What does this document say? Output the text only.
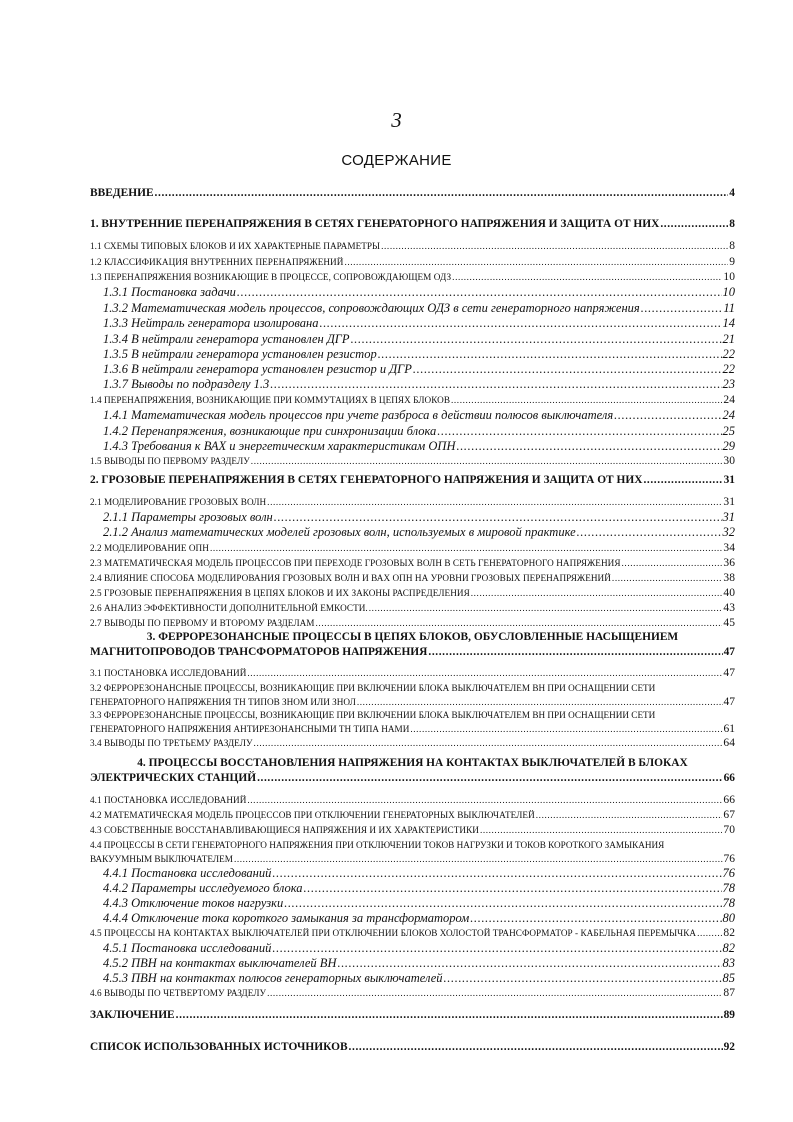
3
СОДЕРЖАНИЕ
ВВЕДЕНИЕ .....	4
1. ВНУТРЕННИЕ ПЕРЕНАПРЯЖЕНИЯ В СЕТЯХ ГЕНЕРАТОРНОГО НАПРЯЖЕНИЯ И ЗАЩИТА ОТ НИХ .....	8
1.1 СХЕМЫ ТИПОВЫХ БЛОКОВ И ИХ ХАРАКТЕРНЫЕ ПАРАМЕТРЫ .....	8
1.2 КЛАССИФИКАЦИЯ ВНУТРЕННИХ ПЕРЕНАПРЯЖЕНИЙ .....	9
1.3 ПЕРЕНАПРЯЖЕНИЯ ВОЗНИКАЮЩИЕ В ПРОЦЕССЕ, СОПРОВОЖДАЮЩЕМ ОДЗ .....	10
1.3.1 Постановка задачи .....	10
1.3.2 Математическая модель процессов, сопровождающих ОДЗ в сети генераторного напряжения .....	11
1.3.3 Нейтраль генератора изолирована .....	14
1.3.4 В нейтрали генератора установлен ДГР .....	21
1.3.5 В нейтрали генератора установлен резистор .....	22
1.3.6 В нейтрали генератора установлен резистор и ДГР .....	22
1.3.7 Выводы по подразделу 1.3 .....	23
1.4 ПЕРЕНАПРЯЖЕНИЯ, ВОЗНИКАЮЩИЕ ПРИ КОММУТАЦИЯХ В ЦЕПЯХ БЛОКОВ .....	24
1.4.1 Математическая модель процессов при учете разброса в действии полюсов выключателя .....	24
1.4.2 Перенапряжения, возникающие при синхронизации блока .....	25
1.4.3 Требования к ВАХ и энергетическим характеристикам ОПН .....	29
1.5 ВЫВОДЫ ПО ПЕРВОМУ РАЗДЕЛУ .....	30
2. ГРОЗОВЫЕ ПЕРЕНАПРЯЖЕНИЯ В СЕТЯХ ГЕНЕРАТОРНОГО НАПРЯЖЕНИЯ И ЗАЩИТА ОТ НИХ .....	31
2.1 МОДЕЛИРОВАНИЕ ГРОЗОВЫХ ВОЛН .....	31
2.1.1 Параметры грозовых волн .....	31
2.1.2 Анализ математических моделей грозовых волн, используемых в мировой практике .....	32
2.2 МОДЕЛИРОВАНИЕ ОПН .....	34
2.3 МАТЕМАТИЧЕСКАЯ МОДЕЛЬ ПРОЦЕССОВ ПРИ ПЕРЕХОДЕ ГРОЗОВЫХ ВОЛН В СЕТЬ ГЕНЕРАТОРНОГО НАПРЯЖЕНИЯ .....	36
2.4 ВЛИЯНИЕ СПОСОБА МОДЕЛИРОВАНИЯ ГРОЗОВЫХ ВОЛН И ВАХ ОПН НА УРОВНИ ГРОЗОВЫХ ПЕРЕНАПРЯЖЕНИЙ .....	38
2.5 ГРОЗОВЫЕ ПЕРЕНАПРЯЖЕНИЯ В ЦЕПЯХ БЛОКОВ И ИХ ЗАКОНЫ РАСПРЕДЕЛЕНИЯ .....	40
2.6 АНАЛИЗ ЭФФЕКТИВНОСТИ ДОПОЛНИТЕЛЬНОЙ ЕМКОСТИ. .....	43
2.7 ВЫВОДЫ ПО ПЕРВОМУ И ВТОРОМУ РАЗДЕЛАМ .....	45
3. ФЕРРОРЕЗОНАНСНЫЕ ПРОЦЕССЫ В ЦЕПЯХ БЛОКОВ, ОБУСЛОВЛЕННЫЕ НАСЫЩЕНИЕМ
МАГНИТОПРОВОДОВ ТРАНСФОРМАТОРОВ НАПРЯЖЕНИЯ .....	47
3.1 ПОСТАНОВКА ИССЛЕДОВАНИЙ .....	47
3.2 ФЕРРОРЕЗОНАНСНЫЕ ПРОЦЕССЫ, ВОЗНИКАЮЩИЕ ПРИ ВКЛЮЧЕНИИ БЛОКА ВЫКЛЮЧАТЕЛЕМ ВН ПРИ ОСНАЩЕНИИ СЕТИ
ГЕНЕРАТОРНОГО НАПРЯЖЕНИЯ ТН ТИПОВ ЗНОМ ИЛИ ЗНОЛ .....	47
3.3 ФЕРРОРЕЗОНАНСНЫЕ ПРОЦЕССЫ, ВОЗНИКАЮЩИЕ ПРИ ВКЛЮЧЕНИИ БЛОКА ВЫКЛЮЧАТЕЛЕМ ВН ПРИ ОСНАЩЕНИИ СЕТИ
ГЕНЕРАТОРНОГО НАПРЯЖЕНИЯ АНТИРЕЗОНАНСНЫМИ ТН ТИПА НАМИ .....	61
3.4 ВЫВОДЫ ПО ТРЕТЬЕМУ РАЗДЕЛУ .....	64
4. ПРОЦЕССЫ ВОССТАНОВЛЕНИЯ НАПРЯЖЕНИЯ НА КОНТАКТАХ ВЫКЛЮЧАТЕЛЕЙ В БЛОКАХ
ЭЛЕКТРИЧЕСКИХ СТАНЦИЙ .....	66
4.1 ПОСТАНОВКА ИССЛЕДОВАНИЙ .....	66
4.2 МАТЕМАТИЧЕСКАЯ МОДЕЛЬ ПРОЦЕССОВ ПРИ ОТКЛЮЧЕНИИ ГЕНЕРАТОРНЫХ ВЫКЛЮЧАТЕЛЕЙ .....	67
4.3 СОБСТВЕННЫЕ ВОССТАНАВЛИВАЮЩИЕСЯ НАПРЯЖЕНИЯ И ИХ ХАРАКТЕРИСТИКИ .....	70
4.4 ПРОЦЕССЫ В СЕТИ ГЕНЕРАТОРНОГО НАПРЯЖЕНИЯ ПРИ ОТКЛЮЧЕНИИ ТОКОВ НАГРУЗКИ И ТОКОВ КОРОТКОГО ЗАМЫКАНИЯ
ВАКУУМНЫМ ВЫКЛЮЧАТЕЛЕМ .....	76
4.4.1 Постановка исследований .....	76
4.4.2 Параметры исследуемого блока .....	78
4.4.3 Отключение токов нагрузки .....	78
4.4.4 Отключение тока короткого замыкания за трансформатором .....	80
4.5 ПРОЦЕССЫ НА КОНТАКТАХ ВЫКЛЮЧАТЕЛЕЙ ПРИ ОТКЛЮЧЕНИИ БЛОКОВ ХОЛОСТОЙ ТРАНСФОРМАТОР - КАБЕЛЬНАЯ ПЕРЕМЫЧКА ..... 82
4.5.1 Постановка исследований .....	82
4.5.2 ПВН на контактах выключателей ВН .....	83
4.5.3 ПВН на контактах полюсов генераторных выключателей .....	85
4.6 ВЫВОДЫ ПО ЧЕТВЕРТОМУ РАЗДЕЛУ .....	87
ЗАКЛЮЧЕНИЕ .....	89
СПИСОК ИСПОЛЬЗОВАННЫХ ИСТОЧНИКОВ .....	92
